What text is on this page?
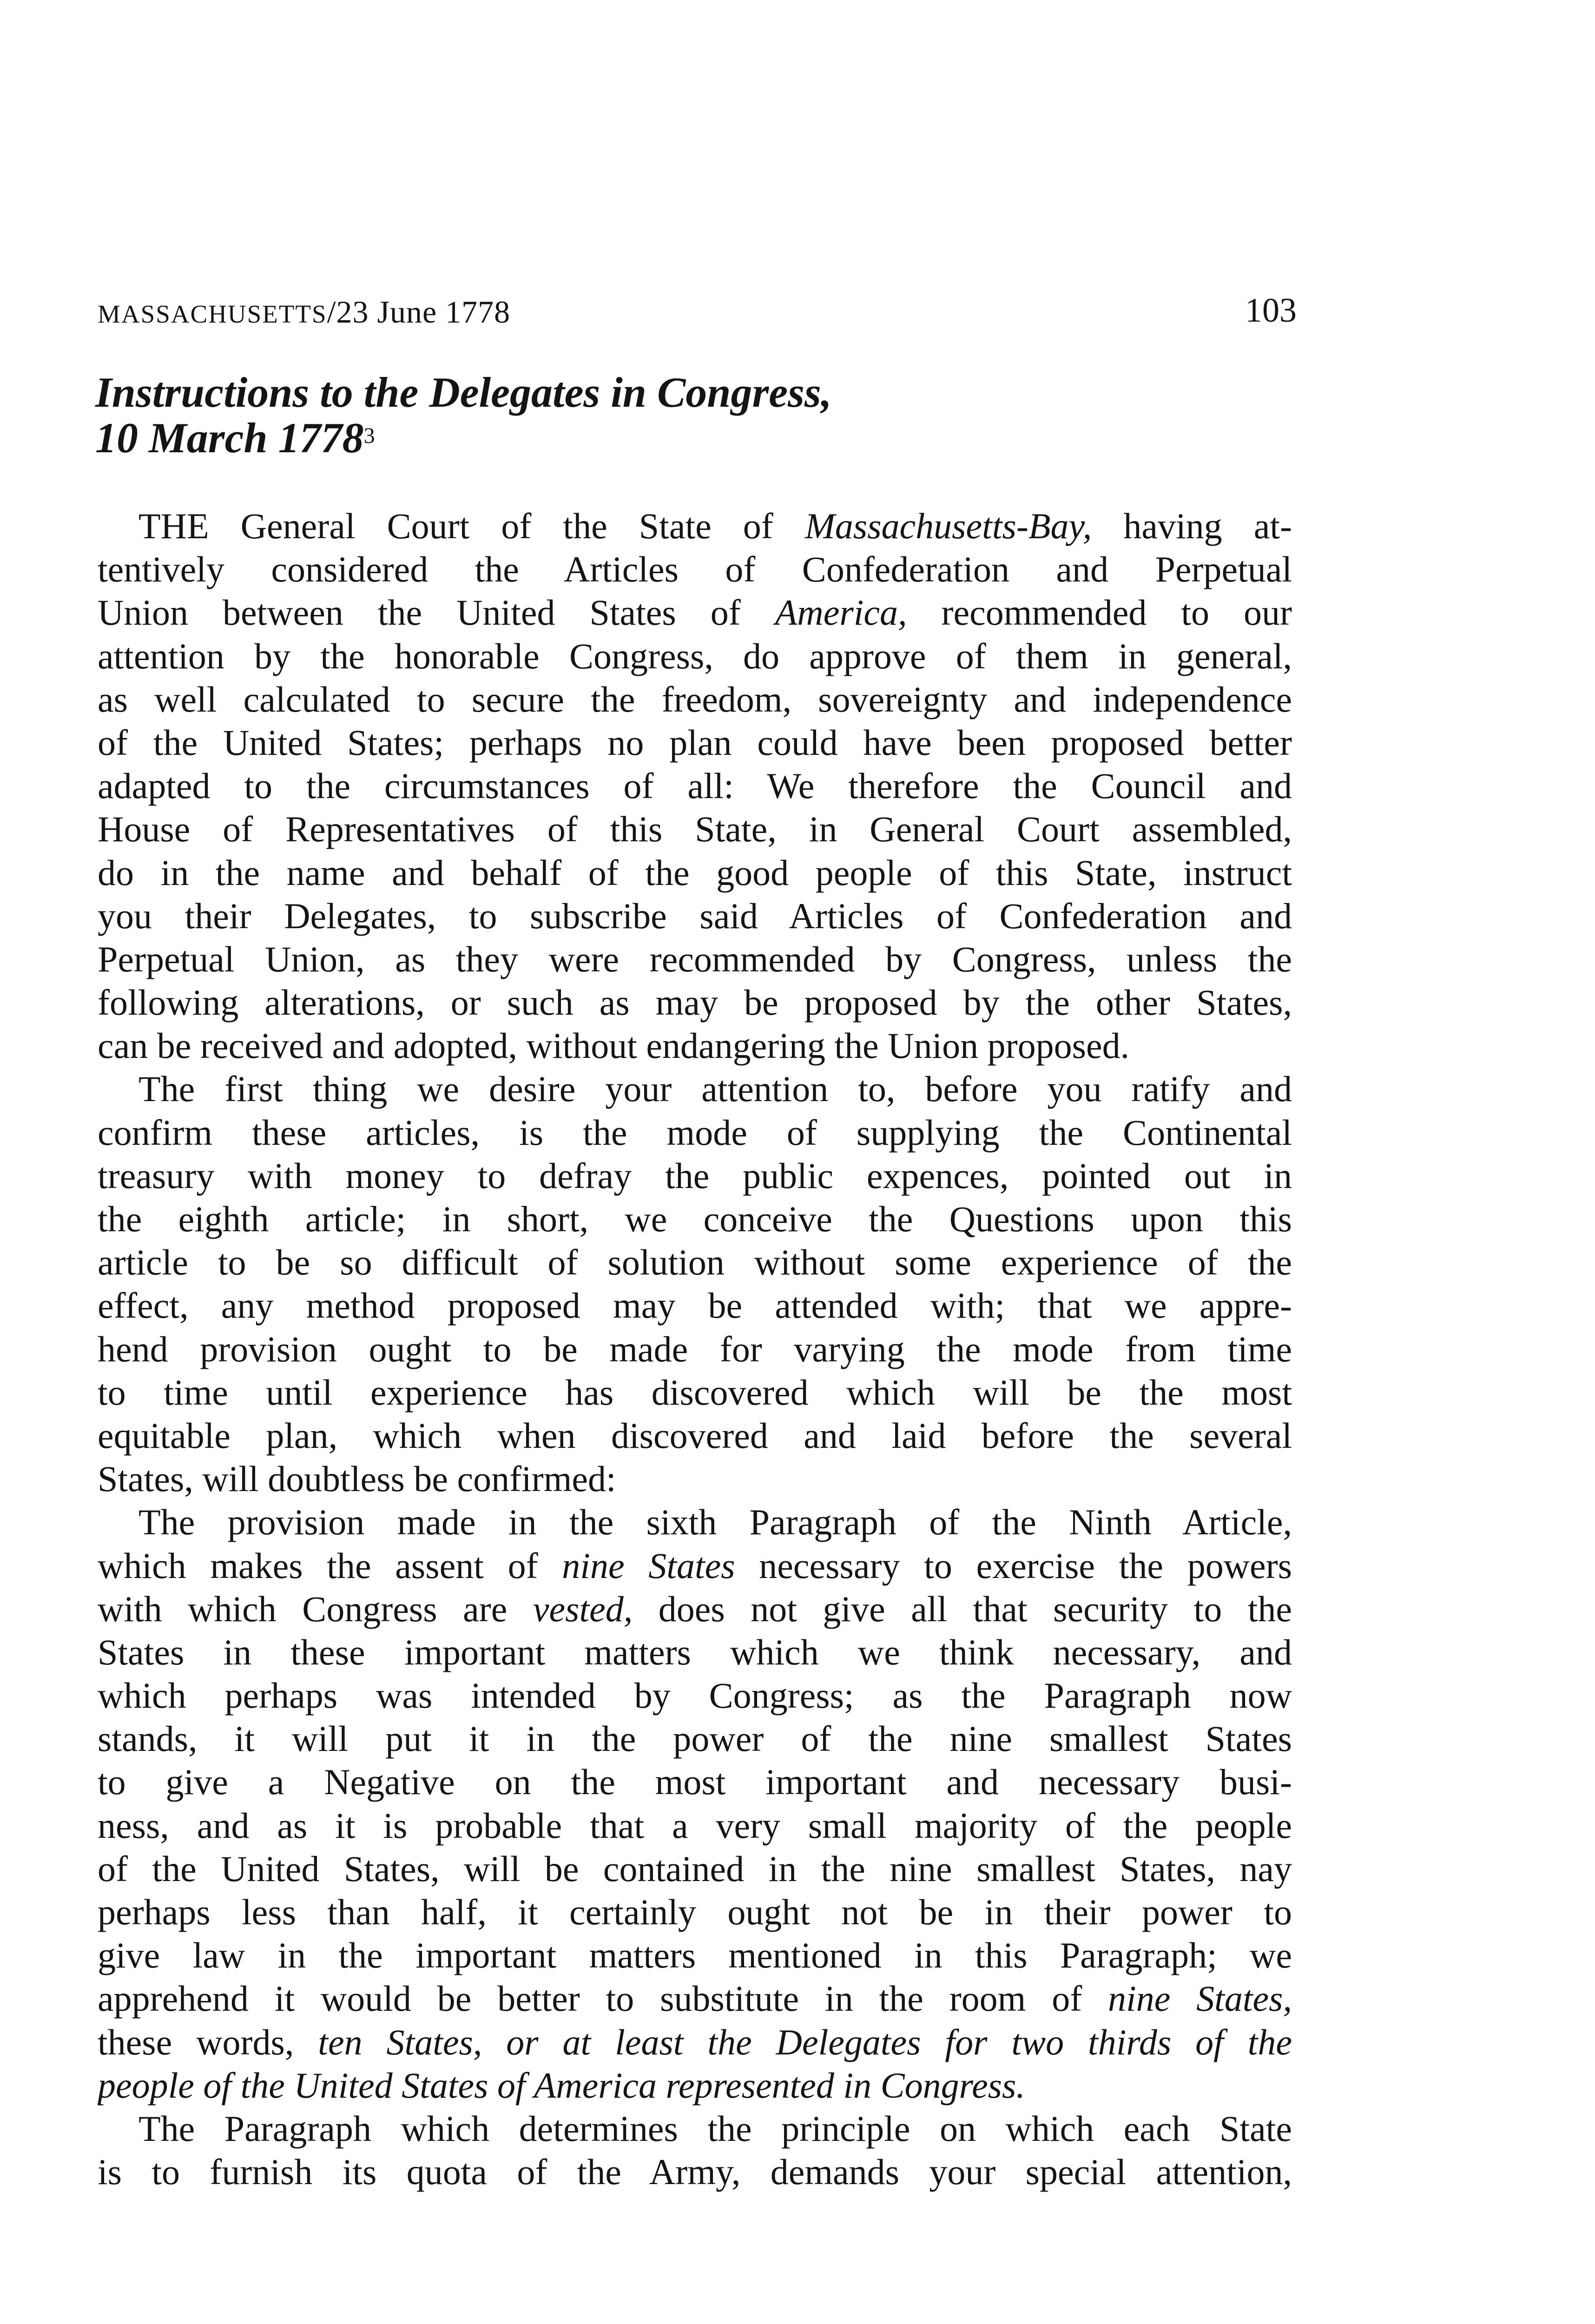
massachusetts/23 June 1778	103
Instructions to the Delegates in Congress,
10 March 1778$^3$
THE General Court of the State of Massachusetts-Bay, having at-
tentively considered the Articles of Confederation and Perpetual
Union between the United States of America, recommended to our
attention by the honorable Congress, do approve of them in general,
as well calculated to secure the freedom, sovereignty and independence
of the United States; perhaps no plan could have been proposed better
adapted to the circumstances of all: We therefore the Council and
House of Representatives of this State, in General Court assembled,
do in the name and behalf of the good people of this State, instruct
you their Delegates, to subscribe said Articles of Confederation and
Perpetual Union, as they were recommended by Congress, unless the
following alterations, or such as may be proposed by the other States,
can be received and adopted, without endangering the Union proposed.
The first thing we desire your attention to, before you ratify and
confirm these articles, is the mode of supplying the Continental
treasury with money to defray the public expences, pointed out in
the eighth article; in short, we conceive the Questions upon this
article to be so difficult of solution without some experience of the
effect, any method proposed may be attended with; that we appre-
hend provision ought to be made for varying the mode from time
to time until experience has discovered which will be the most
equitable plan, which when discovered and laid before the several
States, will doubtless be confirmed:
The provision made in the sixth Paragraph of the Ninth Article,
which makes the assent of nine States necessary to exercise the powers
with which Congress are vested, does not give all that security to the
States in these important matters which we think necessary, and
which perhaps was intended by Congress; as the Paragraph now
stands, it will put it in the power of the nine smallest States
to give a Negative on the most important and necessary busi-
ness, and as it is probable that a very small majority of the people
of the United States, will be contained in the nine smallest States, nay
perhaps less than half, it certainly ought not be in their power to
give law in the important matters mentioned in this Paragraph; we
apprehend it would be better to substitute in the room of nine States,
these words, ten States, or at least the Delegates for two thirds of the
people of the United States of America represented in Congress.
The Paragraph which determines the principle on which each State
is to furnish its quota of the Army, demands your special attention,
